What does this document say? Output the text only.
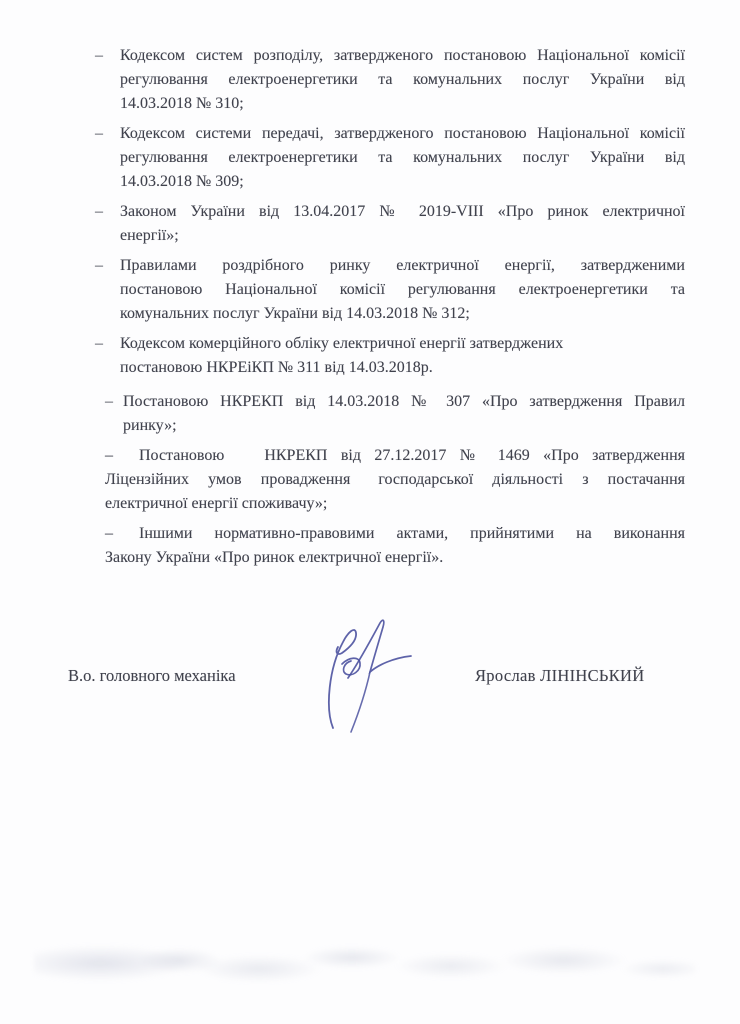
–	Кодексом систем розподілу, затвердженого постановою Національної комісії
регулювання електроенергетики та комунальних послуг України від
14.03.2018 № 310;
–	Кодексом системи передачі, затвердженого постановою Національної комісії
регулювання електроенергетики та комунальних послуг України від
14.03.2018 № 309;
–	Законом України від 13.04.2017 № 2019-VIII «Про ринок електричної
енергії»;
–	Правилами роздрібного ринку електричної енергії, затвердженими
постановою Національної комісії регулювання електроенергетики та
комунальних послуг України від 14.03.2018 № 312;
–	Кодексом комерційного обліку електричної енергії затверджених
постановою НКРЕіКП № 311 від 14.03.2018р.
– Постановою НКРЕКП від 14.03.2018 № 307 «Про затвердження Правил
ринку»;
– Постановою	НКРЕКП від 27.12.2017 № 1469 «Про затвердження
Ліцензійних умов провадження господарської діяльності з постачання
електричної енергії споживачу»;
– Іншими нормативно-правовими актами, прийнятими на виконання
Закону України «Про ринок електричної енергії».
В.о. головного механіка	Ярослав ЛІНІНСЬКИЙ
